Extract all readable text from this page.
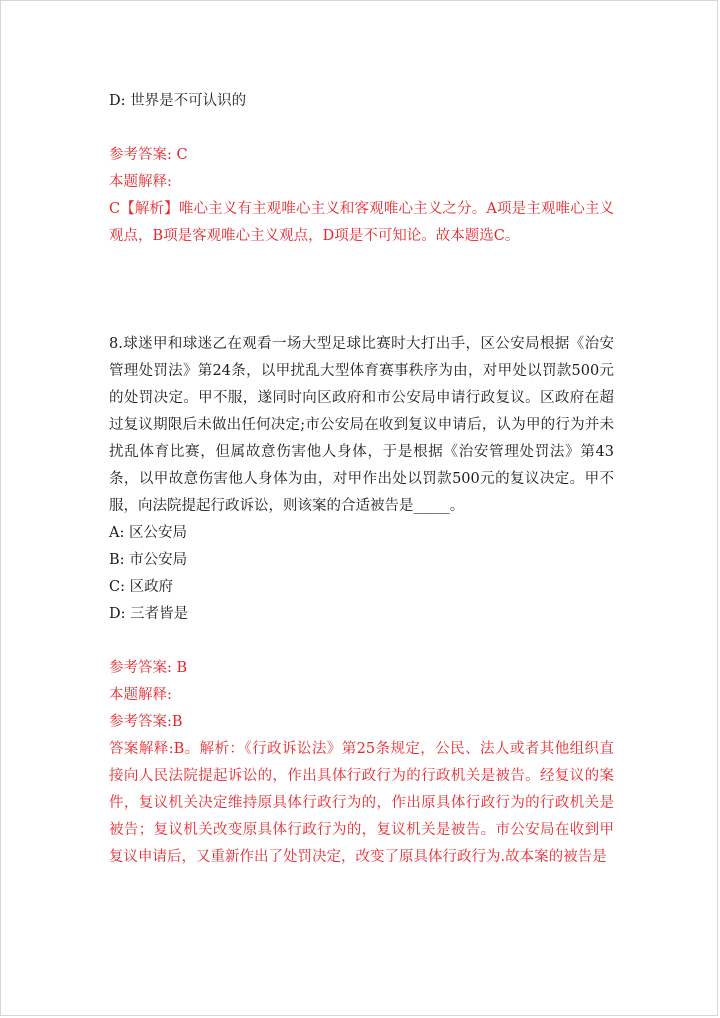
D: 世界是不可认识的

参考答案: C

本题解释:

C【解析】唯心主义有主观唯心主义和客观唯心主义之分。A项是主观唯心主义观点，B项是客观唯心主义观点，D项是不可知论。故本题选C。

8.球迷甲和球迷乙在观看一场大型足球比赛时大打出手，区公安局根据《治安管理处罚法》第24条，以甲扰乱大型体育赛事秩序为由，对甲处以罚款500元的处罚决定。甲不服，遂同时向区政府和市公安局申请行政复议。区政府在超过复议期限后未做出任何决定;市公安局在收到复议申请后，认为甲的行为并未扰乱体育比赛，但属故意伤害他人身体，于是根据《治安管理处罚法》第43条，以甲故意伤害他人身体为由，对甲作出处以罚款500元的复议决定。甲不服，向法院提起行政诉讼，则该案的合适被告是_____。

A: 区公安局

B: 市公安局

C: 区政府

D: 三者皆是

参考答案: B

本题解释:

参考答案:B

答案解释:B。解析：《行政诉讼法》第25条规定，公民、法人或者其他组织直接向人民法院提起诉讼的，作出具体行政行为的行政机关是被告。经复议的案件，复议机关决定维持原具体行政行为的，作出原具体行政行为的行政机关是被告；复议机关改变原具体行政行为的，复议机关是被告。市公安局在收到甲复议申请后，又重新作出了处罚决定，改变了原具体行政行为.故本案的被告是
